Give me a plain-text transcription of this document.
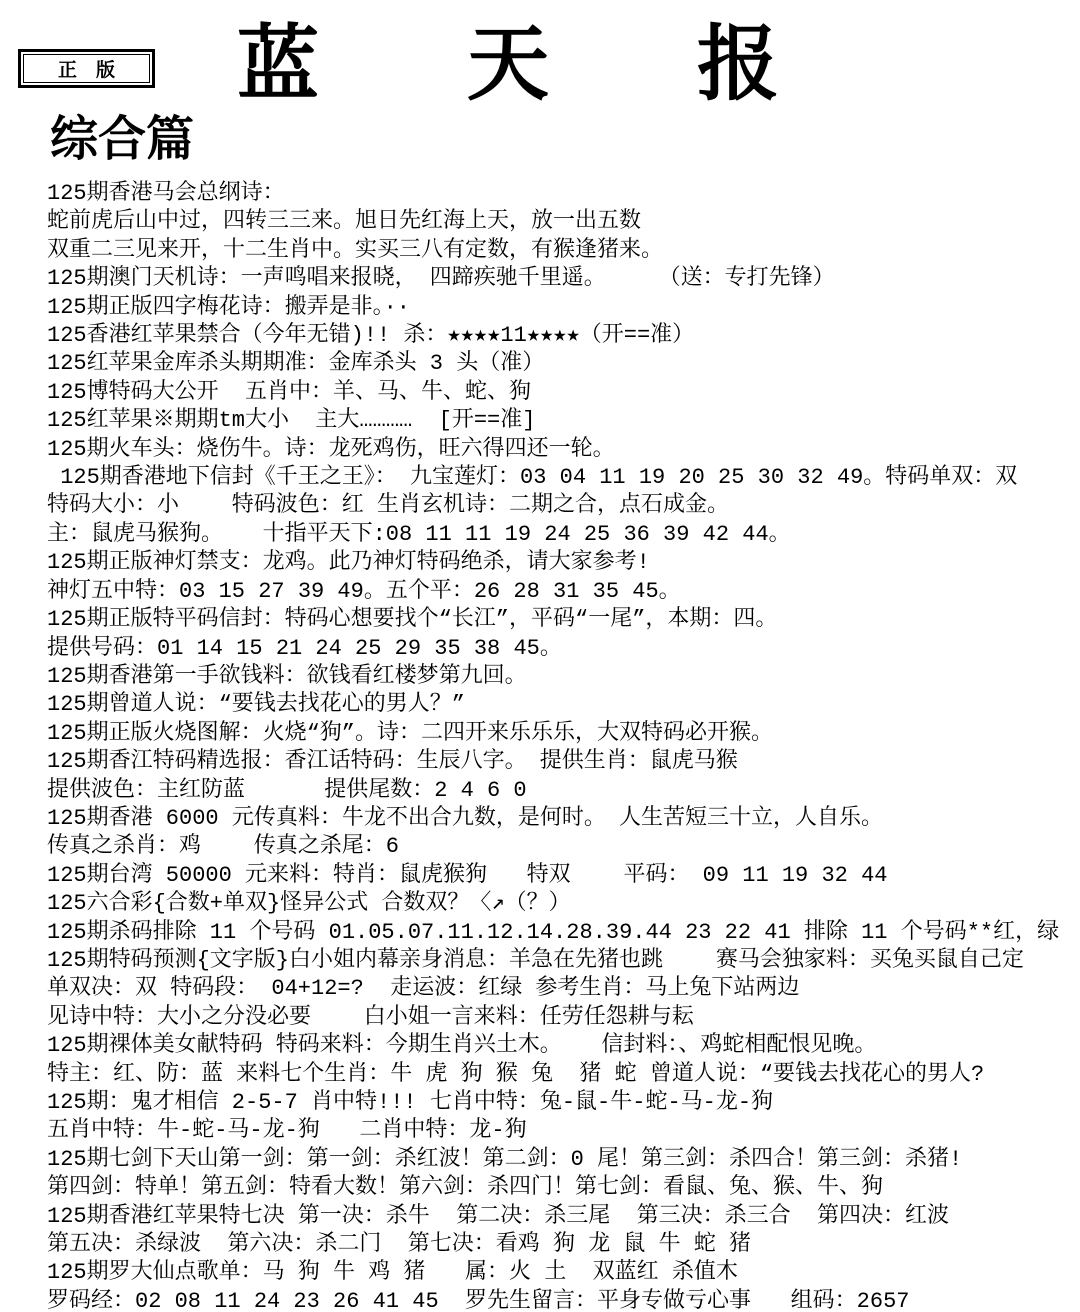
正　版	蓝天报
综合篇
125期香港马会总纲诗：
蛇前虎后山中过，四转三三来。旭日先红海上天，放一出五数
双重二三见来开，十二生肖中。实买三八有定数，有猴逢猪来。
125期澳门天机诗：一声鸣唱来报晓， 四蹄疾驰千里遥。    （送：专打先锋）
125期正版四字梅花诗：搬弄是非。··
125香港红苹果禁合（今年无错)!! 杀：★★★★11★★★★（开==准）
125红苹果金库杀头期期准：金库杀头 3 头（准）
125博特码大公开  五肖中：羊、马、牛、蛇、狗
125红苹果※期期tm大小  主大…………  [开==准]
125期火车头：烧伤牛。诗：龙死鸡伤，旺六得四还一轮。
125期香港地下信封《千王之王》： 九宝莲灯：03 04 11 19 20 25 30 32 49。特码单双：双
特码大小：小    特码波色：红 生肖玄机诗：二期之合，点石成金。
主：鼠虎马猴狗。   十指平天下:08 11 11 19 24 25 36 39 42 44。
125期正版神灯禁支：龙鸡。此乃神灯特码绝杀，请大家参考!
神灯五中特：03 15 27 39 49。五个平：26 28 31 35 45。
125期正版特平码信封：特码心想要找个“长江”，平码“一尾”，本期：四。
提供号码：01 14 15 21 24 25 29 35 38 45。
125期香港第一手欲钱料：欲钱看红楼梦第九回。
125期曾道人说：“要钱去找花心的男人？”
125期正版火烧图解：火烧“狗”。诗：二四开来乐乐乐，大双特码必开猴。
125期香江特码精选报：香江话特码：生辰八字。 提供生肖：鼠虎马猴
提供波色：主红防蓝      提供尾数：2 4 6 0
125期香港 6000 元传真料：牛龙不出合九数，是何时。 人生苦短三十立，人自乐。
传真之杀肖：鸡    传真之杀尾：6
125期台湾 50000 元来料：特肖：鼠虎猴狗   特双    平码： 09 11 19 32 44
125六合彩{合数+单双}怪异公式 合数双？〈↗（？）
125期杀码排除 11 个号码 01.05.07.11.12.14.28.39.44 23 22 41 排除 11 个号码**红，绿
125期特码预测{文字版}白小姐内幕亲身消息：羊急在先猪也跳    赛马会独家料：买兔买鼠自己定
单双决：双 特码段： 04+12=?  走运波：红绿 参考生肖：马上兔下站两边
见诗中特：大小之分没必要    白小姐一言来料：任劳任怨耕与耘
125期裸体美女献特码 特码来料：今期生肖兴土木。   信封料：、鸡蛇相配恨见晚。
特主：红、防：蓝 来料七个生肖：牛 虎 狗 猴 兔  猪 蛇 曾道人说：“要钱去找花心的男人?
125期：鬼才相信 2-5-7 肖中特!!! 七肖中特：兔-鼠-牛-蛇-马-龙-狗
五肖中特：牛-蛇-马-龙-狗   二肖中特：龙-狗
125期七剑下天山第一剑：第一剑：杀红波！第二剑：0 尾！第三剑：杀四合！第三剑：杀猪!
第四剑：特单！第五剑：特看大数！第六剑：杀四门！第七剑：看鼠、兔、猴、牛、狗
125期香港红苹果特七决 第一决：杀牛  第二决：杀三尾  第三决：杀三合  第四决：红波
第五决：杀绿波  第六决：杀二门  第七决：看鸡 狗 龙 鼠 牛 蛇 猪
125期罗大仙点歌单：马 狗 牛 鸡 猪   属：火 土  双蓝红 杀值木
罗码经：02 08 11 24 23 26 41 45  罗先生留言：平身专做亏心事   组码：2657
